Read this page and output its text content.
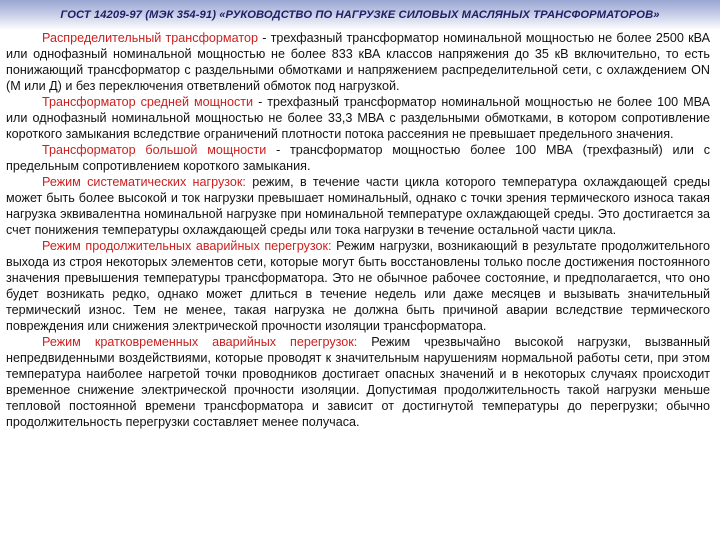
ГОСТ 14209-97 (МЭК 354-91) «РУКОВОДСТВО ПО НАГРУЗКЕ СИЛОВЫХ МАСЛЯНЫХ ТРАНСФОРМАТОРОВ»

Распределительный трансформатор - трехфазный трансформатор номинальной мощностью не более 2500 кВА или однофазный номинальной мощностью не более 833 кВА классов напряжения до 35 кВ включительно, то есть понижающий трансформатор с раздельными обмотками и напряжением распределительной сети, с охлаждением ON (М или Д) и без переключения ответвлений обмоток под нагрузкой.

Трансформатор средней мощности - трехфазный трансформатор номинальной мощностью не более 100 МВА или однофазный номинальной мощностью не более 33,3 МВА с раздельными обмотками, в котором сопротивление короткого замыкания вследствие ограничений плотности потока рассеяния не превышает предельного значения.

Трансформатор большой мощности - трансформатор мощностью более 100 МВА (трехфазный) или с предельным сопротивлением короткого замыкания.

Режим систематических нагрузок: режим, в течение части цикла которого температура охлаждающей среды может быть более высокой и ток нагрузки превышает номинальный, однако с точки зрения термического износа такая нагрузка эквивалентна номинальной нагрузке при номинальной температуре охлаждающей среды. Это достигается за счет понижения температуры охлаждающей среды или тока нагрузки в течение остальной части цикла.

Режим продолжительных аварийных перегрузок: Режим нагрузки, возникающий в результате продолжительного выхода из строя некоторых элементов сети, которые могут быть восстановлены только после достижения постоянного значения превышения температуры трансформатора. Это не обычное рабочее состояние, и предполагается, что оно будет возникать редко, однако может длиться в течение недель или даже месяцев и вызывать значительный термический износ. Тем не менее, такая нагрузка не должна быть причиной аварии вследствие термического повреждения или снижения электрической прочности изоляции трансформатора.

Режим кратковременных аварийных перегрузок: Режим чрезвычайно высокой нагрузки, вызванный непредвиденными воздействиями, которые проводят к значительным нарушениям нормальной работы сети, при этом температура наиболее нагретой точки проводников достигает опасных значений и в некоторых случаях происходит временное снижение электрической прочности изоляции. Допустимая продолжительность такой нагрузки меньше тепловой постоянной времени трансформатора и зависит от достигнутой температуры до перегрузки; обычно продолжительность перегрузки составляет менее получаса.
